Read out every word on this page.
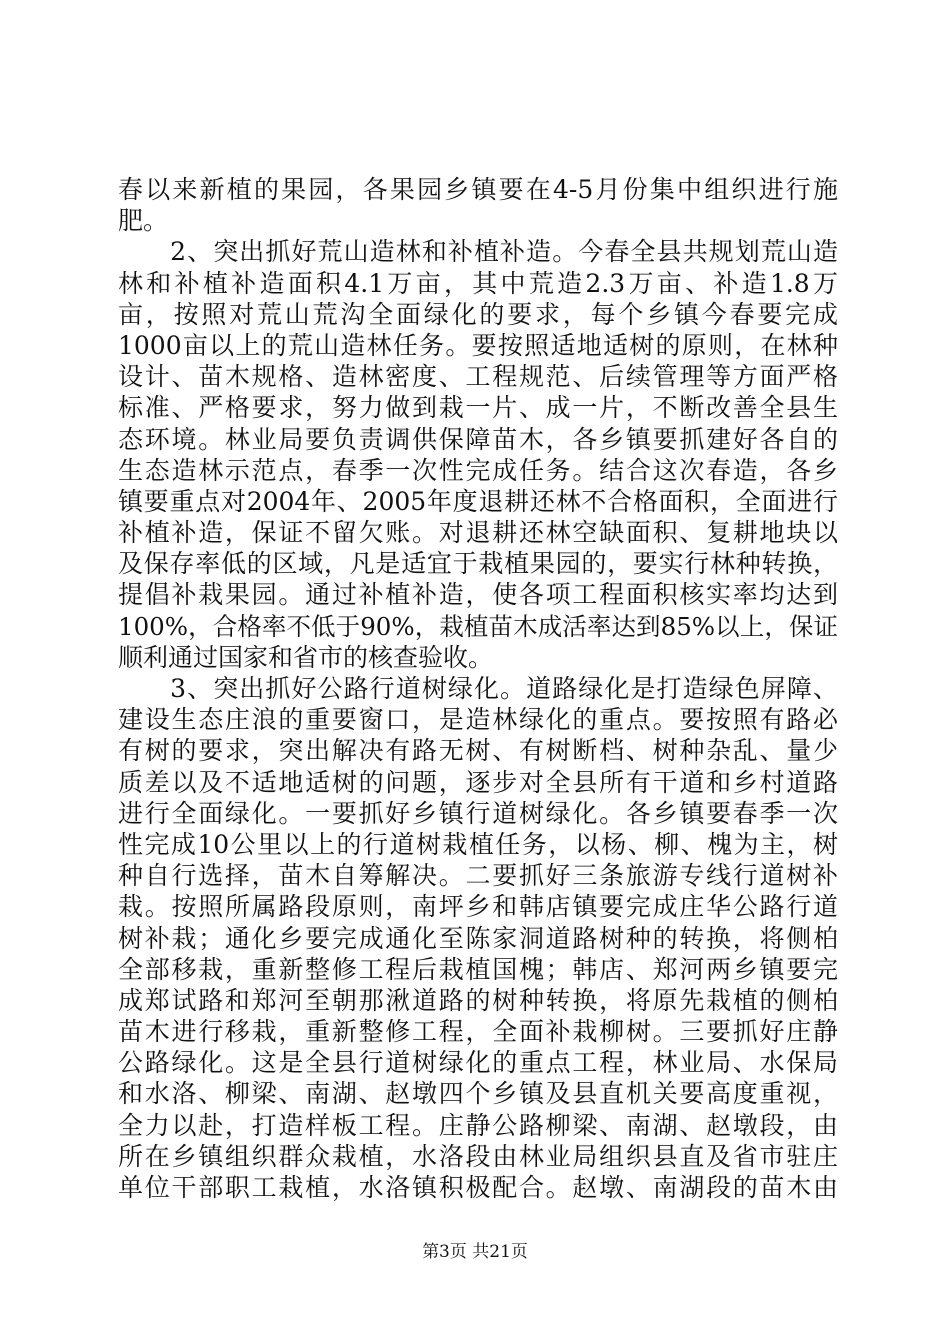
春以来新植的果园，各果园乡镇要在4-5月份集中组织进行施
肥。
　　2、突出抓好荒山造林和补植补造。今春全县共规划荒山造
林和补植补造面积4.1万亩，其中荒造2.3万亩、补造1.8万
亩，按照对荒山荒沟全面绿化的要求，每个乡镇今春要完成
1000亩以上的荒山造林任务。要按照适地适树的原则，在林种
设计、苗木规格、造林密度、工程规范、后续管理等方面严格
标准、严格要求，努力做到栽一片、成一片，不断改善全县生
态环境。林业局要负责调供保障苗木，各乡镇要抓建好各自的
生态造林示范点，春季一次性完成任务。结合这次春造，各乡
镇要重点对2004年、2005年度退耕还林不合格面积，全面进行
补植补造，保证不留欠账。对退耕还林空缺面积、复耕地块以
及保存率低的区域，凡是适宜于栽植果园的，要实行林种转换，
提倡补栽果园。通过补植补造，使各项工程面积核实率均达到
100%，合格率不低于90%，栽植苗木成活率达到85%以上，保证
顺利通过国家和省市的核查验收。
　　3、突出抓好公路行道树绿化。道路绿化是打造绿色屏障、
建设生态庄浪的重要窗口，是造林绿化的重点。要按照有路必
有树的要求，突出解决有路无树、有树断档、树种杂乱、量少
质差以及不适地适树的问题，逐步对全县所有干道和乡村道路
进行全面绿化。一要抓好乡镇行道树绿化。各乡镇要春季一次
性完成10公里以上的行道树栽植任务，以杨、柳、槐为主，树
种自行选择，苗木自筹解决。二要抓好三条旅游专线行道树补
栽。按照所属路段原则，南坪乡和韩店镇要完成庄华公路行道
树补栽；通化乡要完成通化至陈家洞道路树种的转换，将侧柏
全部移栽，重新整修工程后栽植国槐；韩店、郑河两乡镇要完
成郑试路和郑河至朝那湫道路的树种转换，将原先栽植的侧柏
苗木进行移栽，重新整修工程，全面补栽柳树。三要抓好庄静
公路绿化。这是全县行道树绿化的重点工程，林业局、水保局
和水洛、柳梁、南湖、赵墩四个乡镇及县直机关要高度重视，
全力以赴，打造样板工程。庄静公路柳梁、南湖、赵墩段，由
所在乡镇组织群众栽植，水洛段由林业局组织县直及省市驻庄
单位干部职工栽植，水洛镇积极配合。赵墩、南湖段的苗木由
第3页 共21页
